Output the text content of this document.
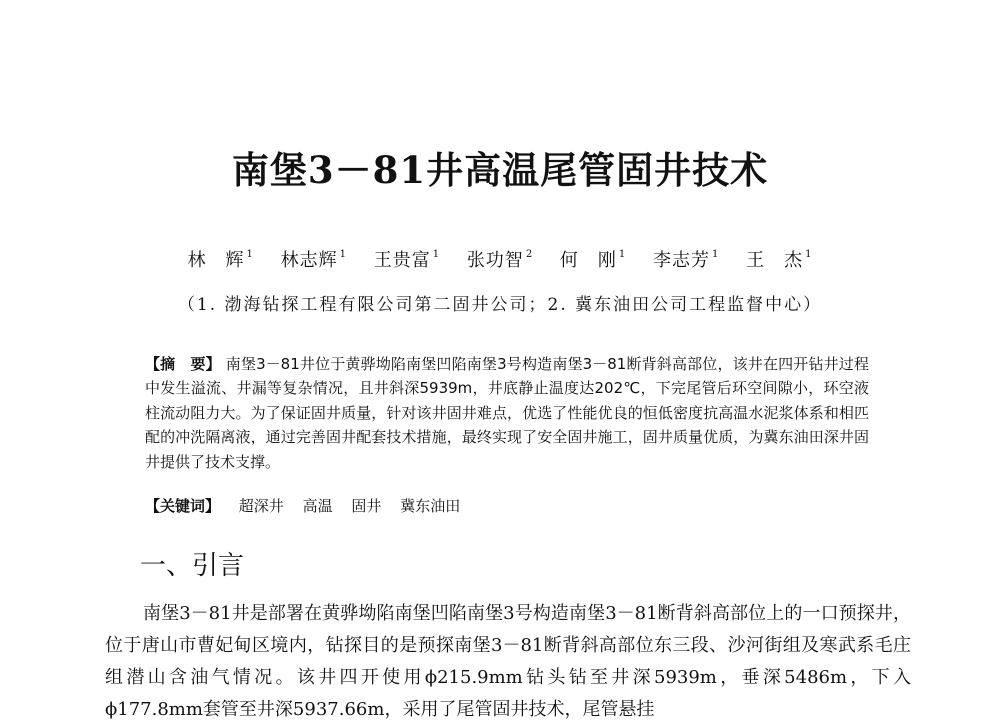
南堡3－81井高温尾管固井技术
林　辉 $^1$ 林志辉 $^1$ 王贵富 $^1$ 张功智 $^2$ 何　刚 $^1$ 李志芳 $^1$ 王　杰 $^1$
（1. 渤海钻探工程有限公司第二固井公司；2. 冀东油田公司工程监督中心）
【摘　要】 南堡3－81井位于黄骅坳陷南堡凹陷南堡3号构造南堡3－81断背斜高部位，该井在四开钻井过程中发生溢流、井漏等复杂情况，且井斜深5939m，井底静止温度达202℃，下完尾管后环空间隙小，环空液柱流动阻力大。为了保证固井质量，针对该井固井难点，优选了性能优良的恒低密度抗高温水泥浆体系和相匹配的冲洗隔离液，通过完善固井配套技术措施，最终实现了安全固井施工，固井质量优质，为冀东油田深井固井提供了技术支撑。
【关键词】 超深井 高温 固井 冀东油田
一、引言

南堡3－81井是部署在黄骅坳陷南堡凹陷南堡3号构造南堡3－81断背斜高部位上的一口预探井，位于唐山市曹妃甸区境内，钻探目的是预探南堡3－81断背斜高部位东三段、沙河街组及寒武系毛庄组潜山含油气情况。该井四开使用ϕ215.9mm钻头钻至井深5939m，垂深5486m，下入ϕ177.8mm套管至井深5937.66m，采用了尾管固井技术，尾管悬挂
